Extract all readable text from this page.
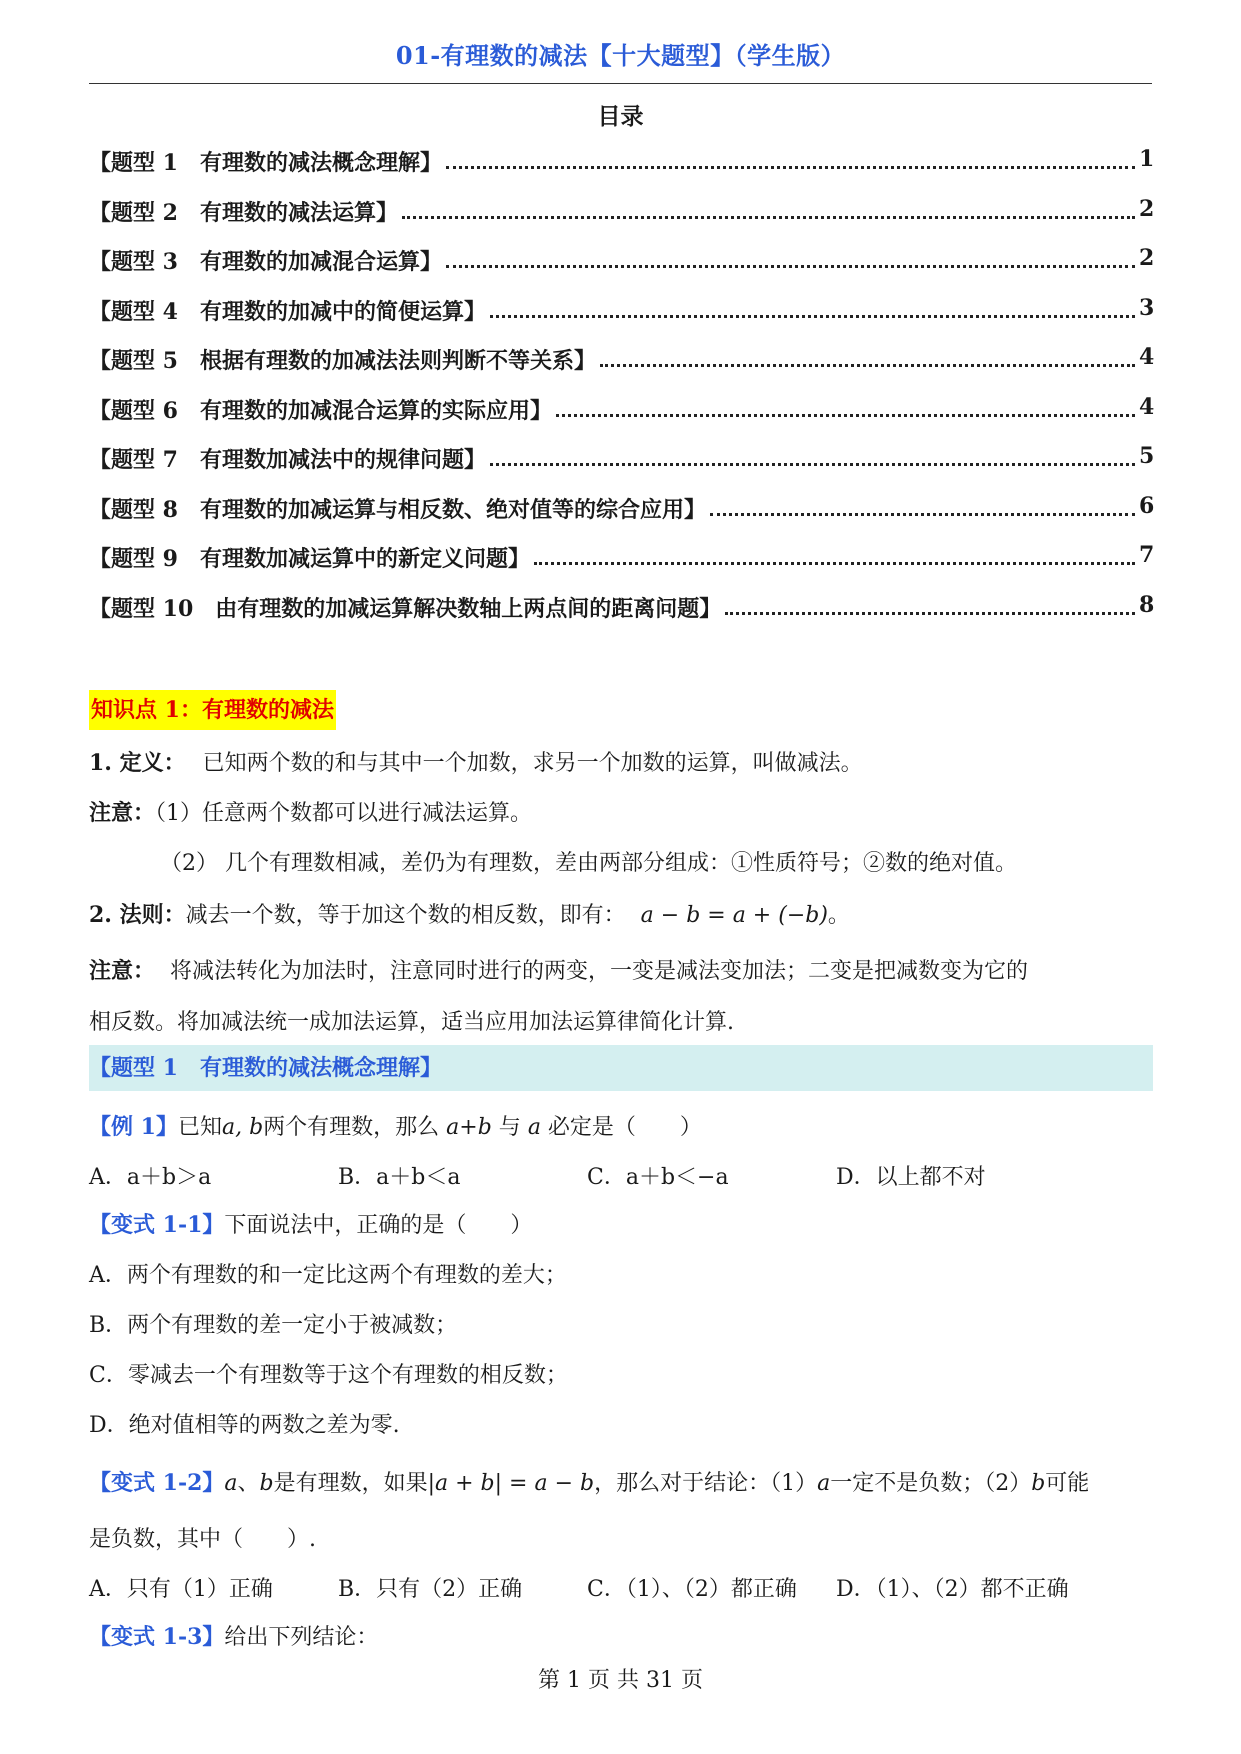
01-有理数的减法【十大题型】（学生版）
目录
【题型 1　有理数的减法概念理解】	1
【题型 2　有理数的减法运算】	2
【题型 3　有理数的加减混合运算】	2
【题型 4　有理数的加减中的简便运算】	3
【题型 5　根据有理数的加减法法则判断不等关系】	4
【题型 6　有理数的加减混合运算的实际应用】	4
【题型 7　有理数加减法中的规律问题】	5
【题型 8　有理数的加减运算与相反数、绝对值等的综合应用】	6
【题型 9　有理数加减运算中的新定义问题】	7
【题型 10　由有理数的加减运算解决数轴上两点间的距离问题】	8
知识点 1：有理数的减法
1. 定义： 已知两个数的和与其中一个加数，求另一个加数的运算，叫做减法。
注意：（1）任意两个数都可以进行减法运算。
（2） 几个有理数相减，差仍为有理数，差由两部分组成：①性质符号；②数的绝对值。
2. 法则：减去一个数，等于加这个数的相反数，即有： a − b = a + (−b)。
注意： 将减法转化为加法时，注意同时进行的两变，一变是减法变加法；二变是把减数变为它的
相反数。将加减法统一成加法运算，适当应用加法运算律简化计算.
【题型 1　有理数的减法概念理解】
【例 1】已知a, b两个有理数，那么 a+b 与 a 必定是（　　）
A．a＋b＞a	B．a＋b＜a	C．a＋b＜−a	D．以上都不对
【变式 1-1】下面说法中，正确的是（　　）
A．两个有理数的和一定比这两个有理数的差大；
B．两个有理数的差一定小于被减数；
C．零减去一个有理数等于这个有理数的相反数；
D．绝对值相等的两数之差为零.
【变式 1-2】𝑎、𝑏是有理数，如果|𝑎 + 𝑏| = 𝑎 − 𝑏，那么对于结论：（1）𝑎一定不是负数；（2）𝑏可能
是负数，其中（　　）.
A．只有（1）正确	B．只有（2）正确	C．（1）、（2）都正确	D．（1）、（2）都不正确
【变式 1-3】给出下列结论：
第 1 页 共 31 页
